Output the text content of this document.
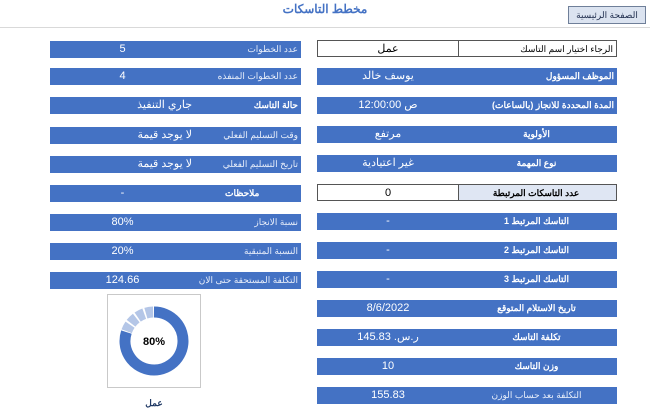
مخطط التاسكات	الصفحة الرئيسية
5	عدد الخطوات
4	عدد الخطوات المنفذه
جاري التنفيذ	حالة التاسك
لا يوجد قيمة	وقت التسليم الفعلي
لا يوجد قيمة	تاريخ التسليم الفعلي
-	ملاحظات
80%	نسبة الانجاز
20%	النسبة المتبقية
124.66	التكلفة المستحقة حتى الان
عمل	الرجاء اختيار اسم التاسك
يوسف خالد	الموظف المسؤول
ص 12:00:00	المدة المحددة للانجاز (بالساعات)
مرتفع	الأولوية
غير اعتيادية	نوع المهمة
0	عدد التاسكات المرتبطة
-	التاسك المرتبط 1
-	التاسك المرتبط 2
-	التاسك المرتبط 3
8/6/2022	تاريخ الاستلام المتوقع
ر.س. 145.83	تكلفة التاسك
10	وزن التاسك
155.83	التكلفة بعد حساب الوزن
80%
عمل
